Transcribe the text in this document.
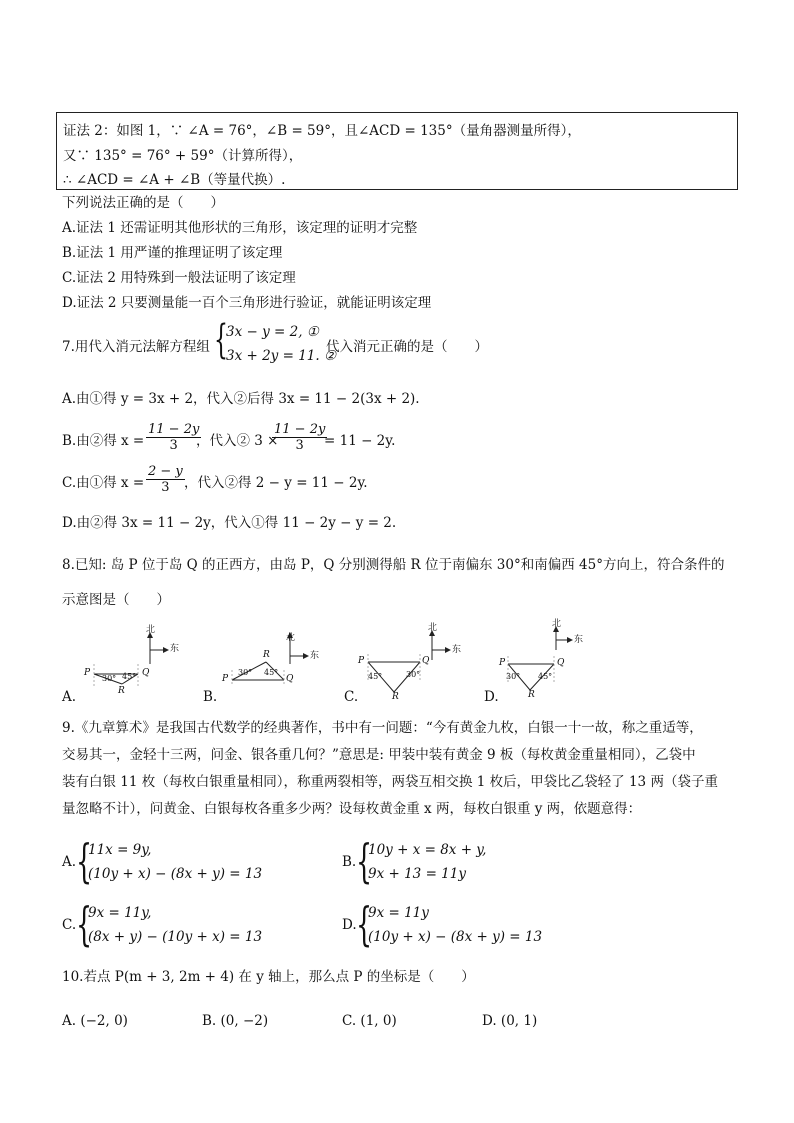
证法 2：如图 1，∵ ∠A = 76°，∠B = 59°，且∠ACD = 135°（量角器测量所得），
又∵ 135° = 76° + 59°（计算所得），
∴ ∠ACD = ∠A + ∠B（等量代换）.
下列说法正确的是（　　）
A.证法 1 还需证明其他形状的三角形，该定理的证明才完整
B.证法 1 用严谨的推理证明了该定理
C.证法 2 用特殊到一般法证明了该定理
D.证法 2 只要测量能一百个三角形进行验证，就能证明该定理
7.用代入消元法解方程组 {
3x − y = 2, ①
3x + 2y = 11. ②
代入消元正确的是（　　）
A.由①得 y = 3x + 2，代入②后得 3x = 11 − 2(3x + 2).
B.由②得 $x = \frac{11 - 2y}{3}$
，代入② 3 ×
$\frac{11 - 2y}{3}$
= 11 − 2y.
C.由①得 $x = \frac{2 - y}{3}$ ，代入②得 2 − y = 11 − 2y.
D.由②得 3x = 11 − 2y，代入①得 11 − 2y − y = 2.
8.已知: 岛 P 位于岛 Q 的正西方，由岛 P，Q 分别测得船 R 位于南偏东 30°和南偏西 45°方向上，符合条件的
示意图是（　　）
北
东
P	Q
R
30° 45°
A.
北
东
P	Q
R
30° 45°
B.
北
东
P	Q
R
45°	30°
C.
北
东
P	Q
R
30° 45°
D.
9.《九章算术》是我国古代数学的经典著作，书中有一问题：“今有黄金九枚，白银一十一故，称之重适等，
交易其一，金轻十三两，问金、银各重几何？”意思是: 甲装中装有黄金 9 板（每枚黄金重量相同），乙袋中
装有白银 11 枚（每枚白银重量相同），称重两裂相等，两袋互相交换 1 枚后，甲袋比乙袋轻了 13 两（袋子重
量忽略不计），问黄金、白银每枚各重多少两？设每枚黄金重 x 两，每枚白银重 y 两，依题意得：
A. {
11x = 9y,
(10y + x) − (8x + y) = 13
B. {
10y + x = 8x + y,
9x + 13 = 11y
C. {
9x = 11y,
(8x + y) − (10y + x) = 13
D. {
9x = 11y
(10y + x) − (8x + y) = 13
10.若点 P(m + 3, 2m + 4) 在 y 轴上，那么点 P 的坐标是（　　）
A. (−2, 0)	B. (0, −2)	C. (1, 0)	D. (0, 1)
